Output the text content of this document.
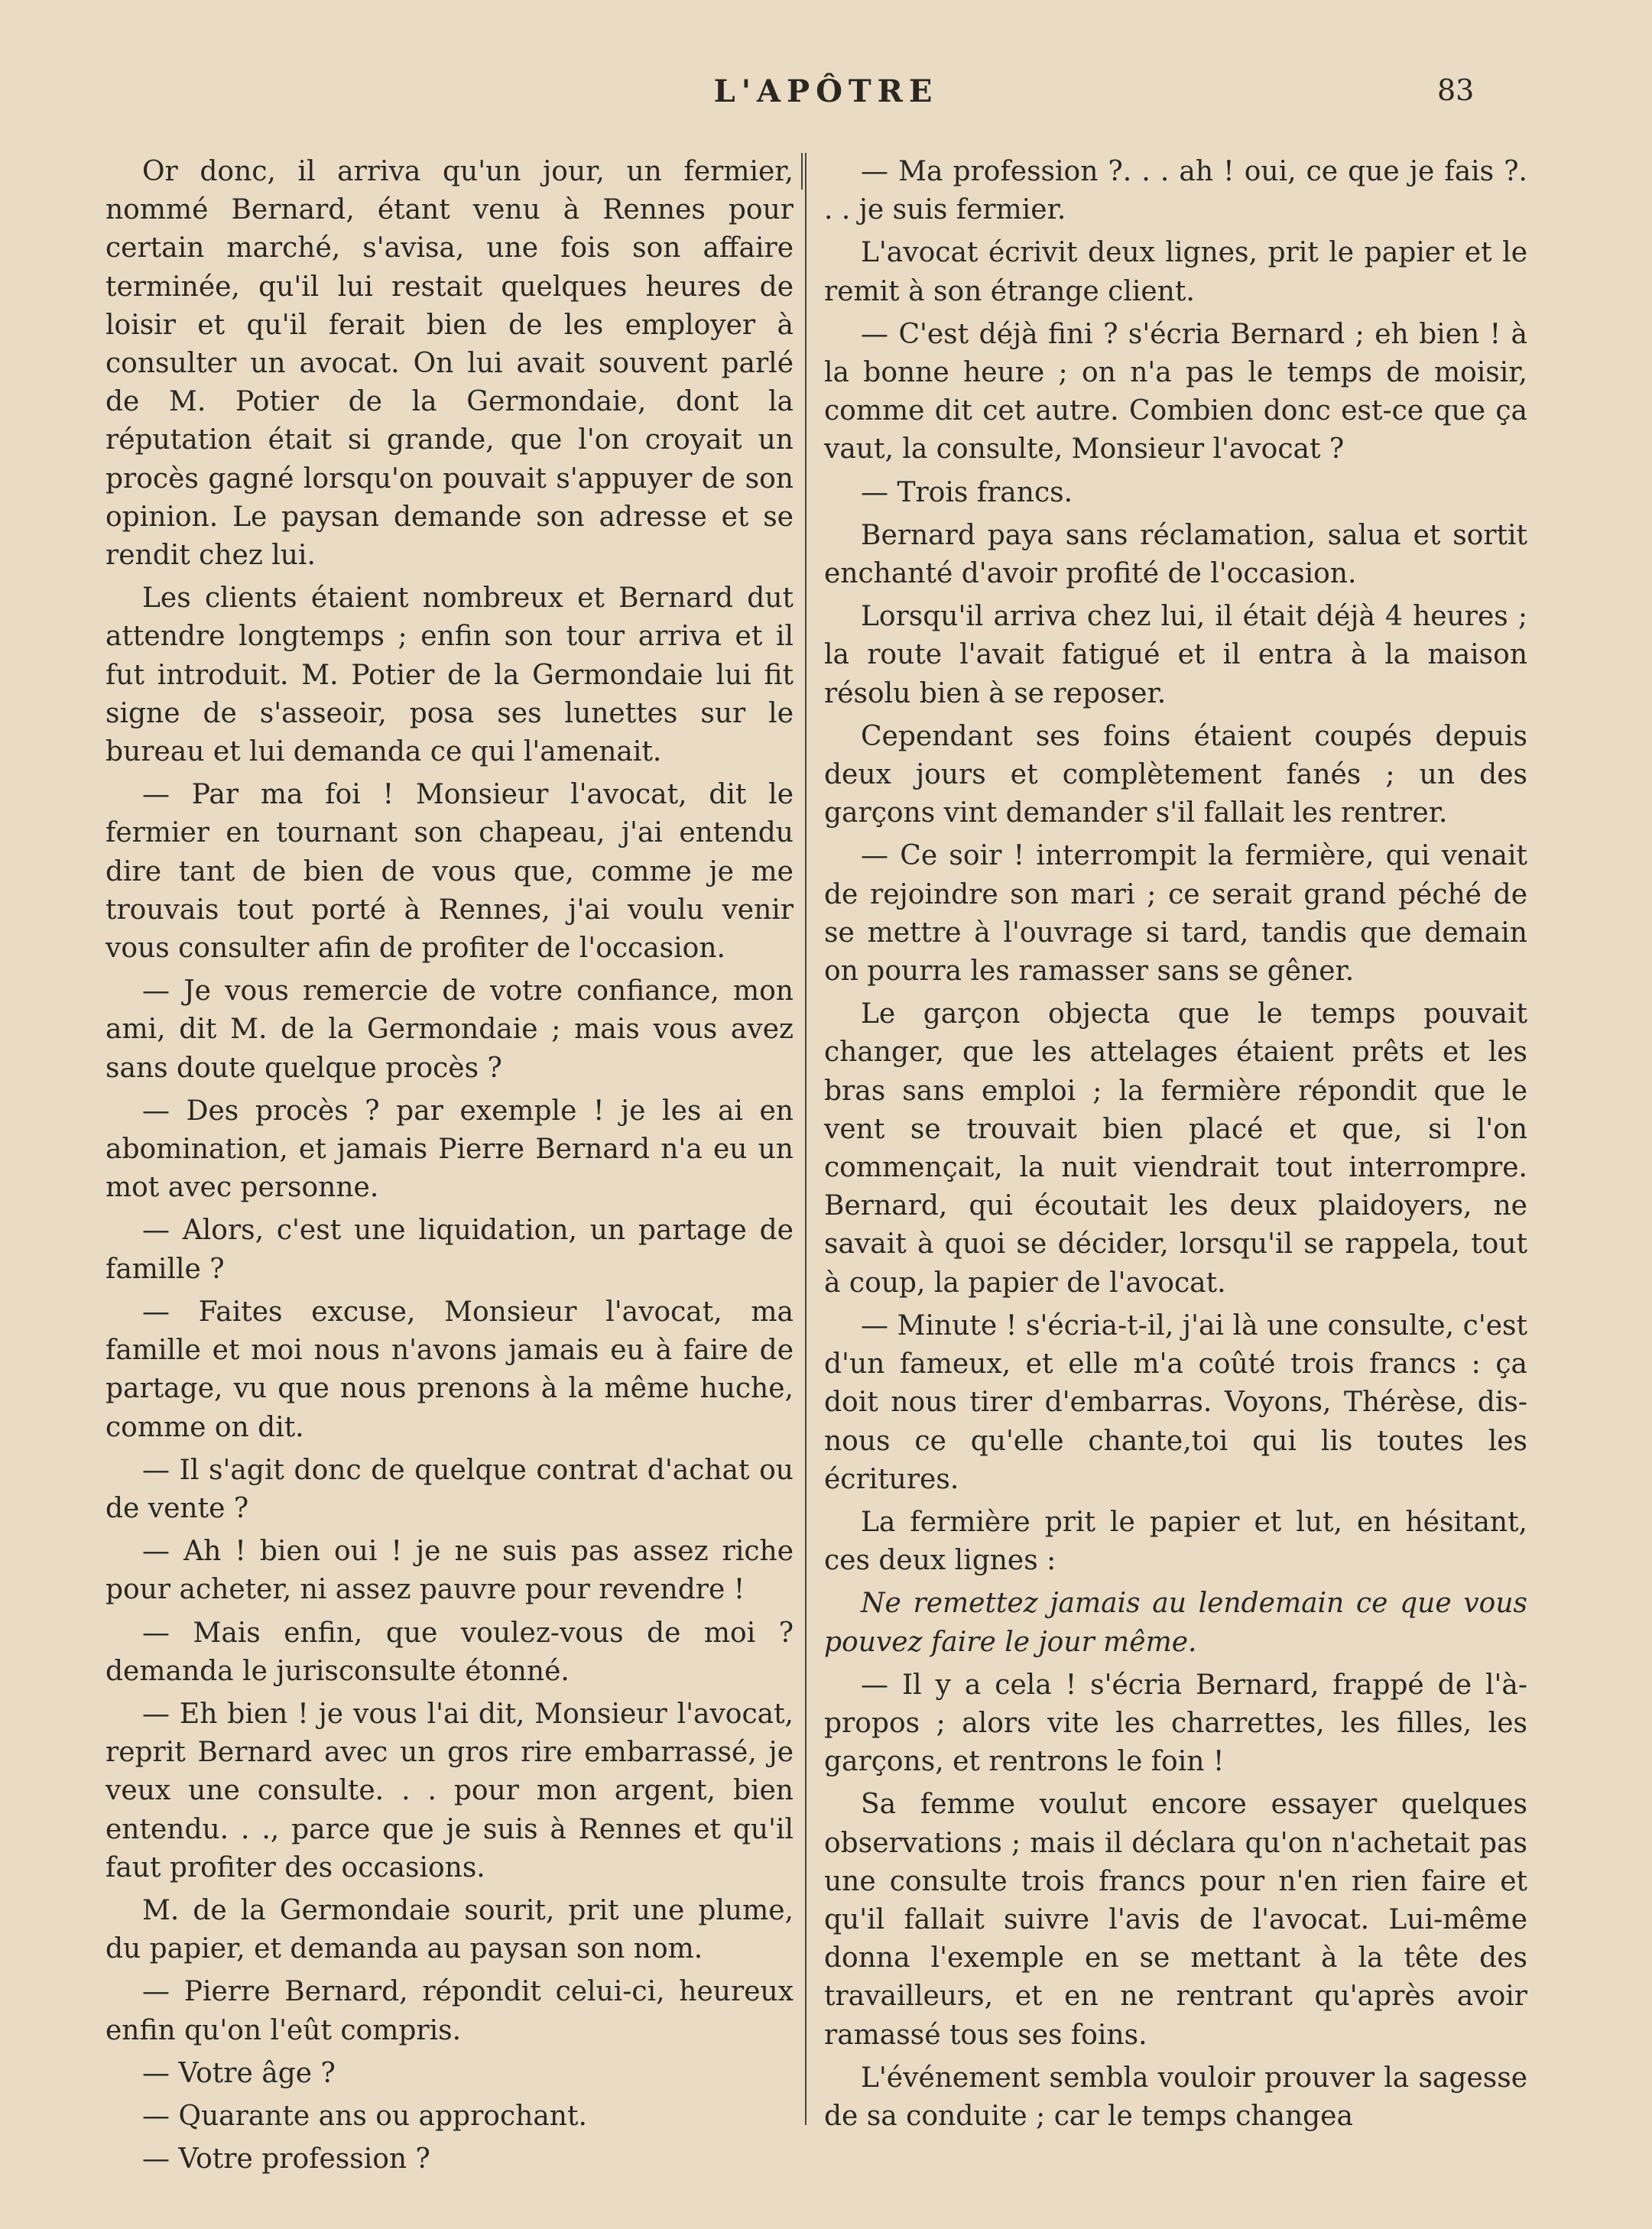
L'APÔTRE	83

Or donc, il arriva qu'un jour, un fermier, nommé Bernard, étant venu à Rennes pour certain marché, s'avisa, une fois son affaire terminée, qu'il lui restait quelques heures de loisir et qu'il ferait bien de les employer à consulter un avocat. On lui avait souvent parlé de M. Potier de la Germondaie, dont la réputation était si grande, que l'on croyait un procès gagné lorsqu'on pouvait s'appuyer de son opinion. Le paysan demande son adresse et se rendit chez lui.

Les clients étaient nombreux et Bernard dut attendre longtemps ; enfin son tour arriva et il fut introduit. M. Potier de la Germondaie lui fit signe de s'asseoir, posa ses lunettes sur le bureau et lui demanda ce qui l'amenait.

— Par ma foi ! Monsieur l'avocat, dit le fermier en tournant son chapeau, j'ai entendu dire tant de bien de vous que, comme je me trouvais tout porté à Rennes, j'ai voulu venir vous consulter afin de profiter de l'occasion.

— Je vous remercie de votre confiance, mon ami, dit M. de la Germondaie ; mais vous avez sans doute quelque procès ?

— Des procès ? par exemple ! je les ai en abomination, et jamais Pierre Bernard n'a eu un mot avec personne.

— Alors, c'est une liquidation, un partage de famille ?

— Faites excuse, Monsieur l'avocat, ma famille et moi nous n'avons jamais eu à faire de partage, vu que nous prenons à la même huche, comme on dit.

— Il s'agit donc de quelque contrat d'achat ou de vente ?

— Ah ! bien oui ! je ne suis pas assez riche pour acheter, ni assez pauvre pour revendre !

— Mais enfin, que voulez-vous de moi ? demanda le jurisconsulte étonné.

— Eh bien ! je vous l'ai dit, Monsieur l'avocat, reprit Bernard avec un gros rire embarrassé, je veux une consulte. . . pour mon argent, bien entendu. . ., parce que je suis à Rennes et qu'il faut profiter des occasions.

M. de la Germondaie sourit, prit une plume, du papier, et demanda au paysan son nom.

— Pierre Bernard, répondit celui-ci, heureux enfin qu'on l'eût compris.

— Votre âge ?

— Quarante ans ou approchant.

— Votre profession ?

— Ma profession ?. . . ah ! oui, ce que je fais ?. . . je suis fermier.

L'avocat écrivit deux lignes, prit le papier et le remit à son étrange client.

— C'est déjà fini ? s'écria Bernard ; eh bien ! à la bonne heure ; on n'a pas le temps de moisir, comme dit cet autre. Combien donc est-ce que ça vaut, la consulte, Monsieur l'avocat ?

— Trois francs.

Bernard paya sans réclamation, salua et sortit enchanté d'avoir profité de l'occasion.

Lorsqu'il arriva chez lui, il était déjà 4 heures ; la route l'avait fatigué et il entra à la maison résolu bien à se reposer.

Cependant ses foins étaient coupés depuis deux jours et complètement fanés ; un des garçons vint demander s'il fallait les rentrer.

— Ce soir ! interrompit la fermière, qui venait de rejoindre son mari ; ce serait grand péché de se mettre à l'ouvrage si tard, tandis que demain on pourra les ramasser sans se gêner.

Le garçon objecta que le temps pouvait changer, que les attelages étaient prêts et les bras sans emploi ; la fermière répondit que le vent se trouvait bien placé et que, si l'on commençait, la nuit viendrait tout interrompre. Bernard, qui écoutait les deux plaidoyers, ne savait à quoi se décider, lorsqu'il se rappela, tout à coup, la papier de l'avocat.

— Minute ! s'écria-t-il, j'ai là une consulte, c'est d'un fameux, et elle m'a coûté trois francs : ça doit nous tirer d'embarras. Voyons, Thérèse, dis-nous ce qu'elle chante,toi qui lis toutes les écritures.

La fermière prit le papier et lut, en hésitant, ces deux lignes :

Ne remettez jamais au lendemain ce que vous pouvez faire le jour même.

— Il y a cela ! s'écria Bernard, frappé de l'à-propos ; alors vite les charrettes, les filles, les garçons, et rentrons le foin !

Sa femme voulut encore essayer quelques observations ; mais il déclara qu'on n'achetait pas une consulte trois francs pour n'en rien faire et qu'il fallait suivre l'avis de l'avocat. Lui-même donna l'exemple en se mettant à la tête des travailleurs, et en ne rentrant qu'après avoir ramassé tous ses foins.

L'événement sembla vouloir prouver la sagesse de sa conduite ; car le temps changea
